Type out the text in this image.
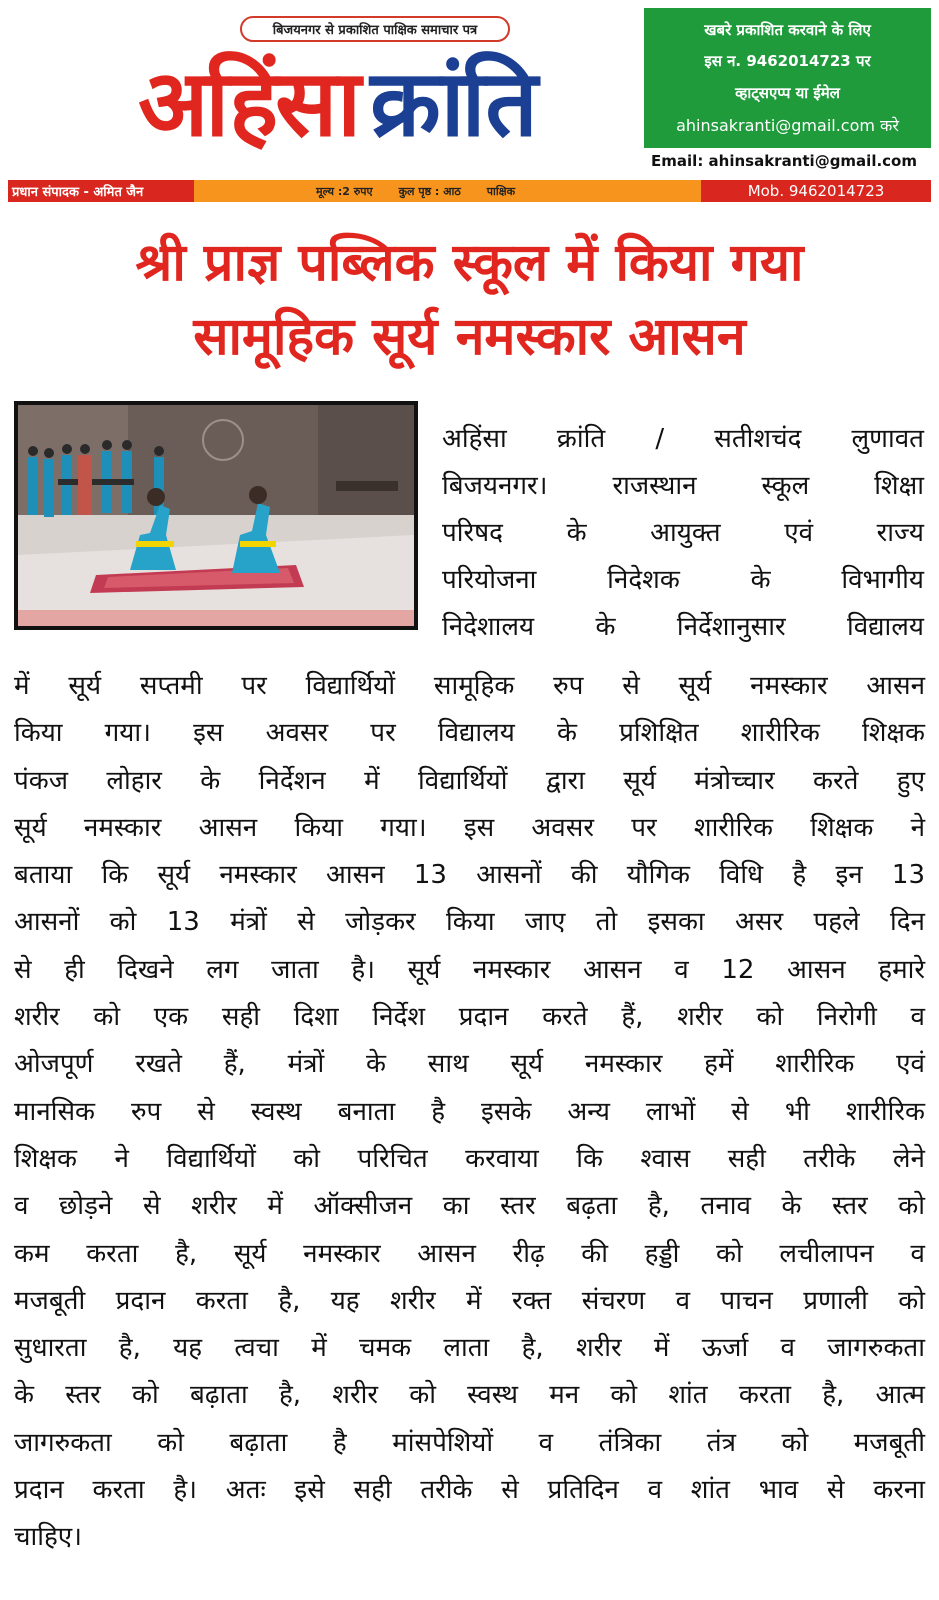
बिजयनगर से प्रकाशित पाक्षिक समाचार पत्र
अहिंसा क्रांति
खबरे प्रकाशित करवाने के लिए
इस न. 9462014723 पर
व्हाट्सएप्प या ईमेल
ahinsakranti@gmail.com करे
Email: ahinsakranti@gmail.com
प्रधान संपादक - अमित जैन	मूल्य :2 रुपए कुल पृष्ठ : आठ पाक्षिक	Mob. 9462014723
श्री प्राज्ञ पब्लिक स्कूल में किया गया
सामूहिक सूर्य नमस्कार आसन
अहिंसा क्रांति / सतीशचंद लुणावत
बिजयनगर। राजस्थान स्कूल शिक्षा
परिषद के आयुक्त एवं राज्य
परियोजना निदेशक के विभागीय
निदेशालय के निर्देशानुसार विद्यालय
में सूर्य सप्तमी पर विद्यार्थियों सामूहिक रुप से सूर्य नमस्कार आसन
किया गया। इस अवसर पर विद्यालय के प्रशिक्षित शारीरिक शिक्षक
पंकज लोहार के निर्देशन में विद्यार्थियों द्वारा सूर्य मंत्रोच्चार करते हुए
सूर्य नमस्कार आसन किया गया। इस अवसर पर शारीरिक शिक्षक ने
बताया कि सूर्य नमस्कार आसन 13 आसनों की यौगिक विधि है इन 13
आसनों को 13 मंत्रों से जोड़कर किया जाए तो इसका असर पहले दिन
से ही दिखने लग जाता है। सूर्य नमस्कार आसन व 12 आसन हमारे
शरीर को एक सही दिशा निर्देश प्रदान करते हैं, शरीर को निरोगी व
ओजपूर्ण रखते हैं, मंत्रों के साथ सूर्य नमस्कार हमें शारीरिक एवं
मानसिक रुप से स्वस्थ बनाता है इसके अन्य लाभों से भी शारीरिक
शिक्षक ने विद्यार्थियों को परिचित करवाया कि श्वास सही तरीके लेने
व छोड़ने से शरीर में ऑक्सीजन का स्तर बढ़ता है, तनाव के स्तर को
कम करता है, सूर्य नमस्कार आसन रीढ़ की हड्डी को लचीलापन व
मजबूती प्रदान करता है, यह शरीर में रक्त संचरण व पाचन प्रणाली को
सुधारता है, यह त्वचा में चमक लाता है, शरीर में ऊर्जा व जागरुकता
के स्तर को बढ़ाता है, शरीर को स्वस्थ मन को शांत करता है, आत्म
जागरुकता को बढ़ाता है मांसपेशियों व तंत्रिका तंत्र को मजबूती
प्रदान करता है। अतः इसे सही तरीके से प्रतिदिन व शांत भाव से करना
चाहिए।
